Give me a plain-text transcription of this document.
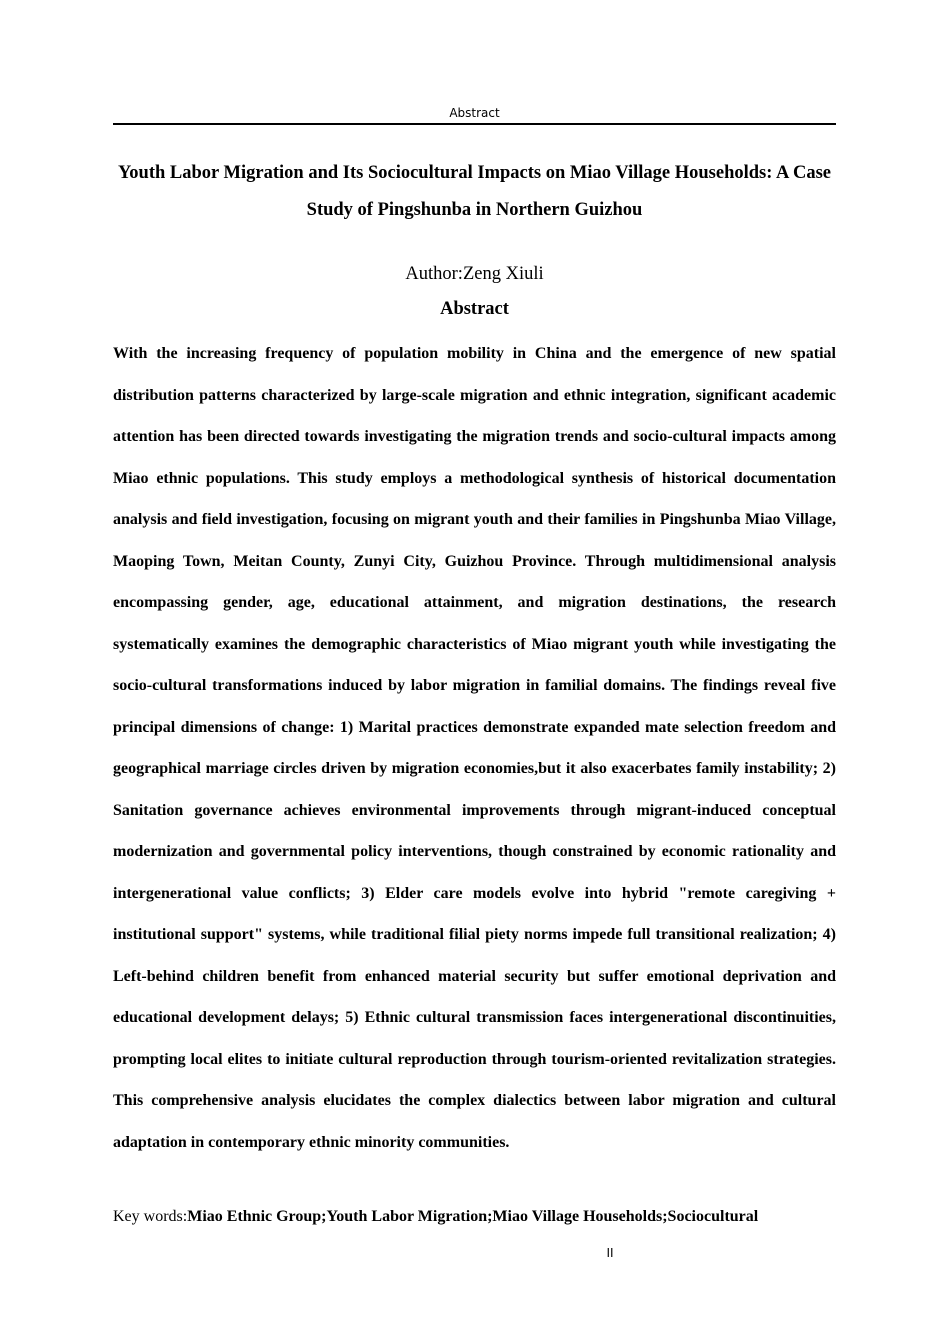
Abstract
Youth Labor Migration and Its Sociocultural Impacts on Miao Village Households: A Case Study of Pingshunba in Northern Guizhou
Author:Zeng Xiuli
Abstract

With the increasing frequency of population mobility in China and the emergence of new spatial distribution patterns characterized by large-scale migration and ethnic integration, significant academic attention has been directed towards investigating the migration trends and socio-cultural impacts among Miao ethnic populations. This study employs a methodological synthesis of historical documentation analysis and field investigation, focusing on migrant youth and their families in Pingshunba Miao Village, Maoping Town, Meitan County, Zunyi City, Guizhou Province. Through multidimensional analysis encompassing gender, age, educational attainment, and migration destinations, the research systematically examines the demographic characteristics of Miao migrant youth while investigating the socio-cultural transformations induced by labor migration in familial domains. The findings reveal five principal dimensions of change: 1) Marital practices demonstrate expanded mate selection freedom and geographical marriage circles driven by migration economies,but it also exacerbates family instability; 2) Sanitation governance achieves environmental improvements through migrant-induced conceptual modernization and governmental policy interventions, though constrained by economic rationality and intergenerational value conflicts; 3) Elder care models evolve into hybrid "remote caregiving + institutional support" systems, while traditional filial piety norms impede full transitional realization; 4) Left-behind children benefit from enhanced material security but suffer emotional deprivation and educational development delays; 5) Ethnic cultural transmission faces intergenerational discontinuities, prompting local elites to initiate cultural reproduction through tourism-oriented revitalization strategies. This comprehensive analysis elucidates the complex dialectics between labor migration and cultural adaptation in contemporary ethnic minority communities.

Key words:Miao Ethnic Group;Youth Labor Migration;Miao Village Households;Sociocultural
II
